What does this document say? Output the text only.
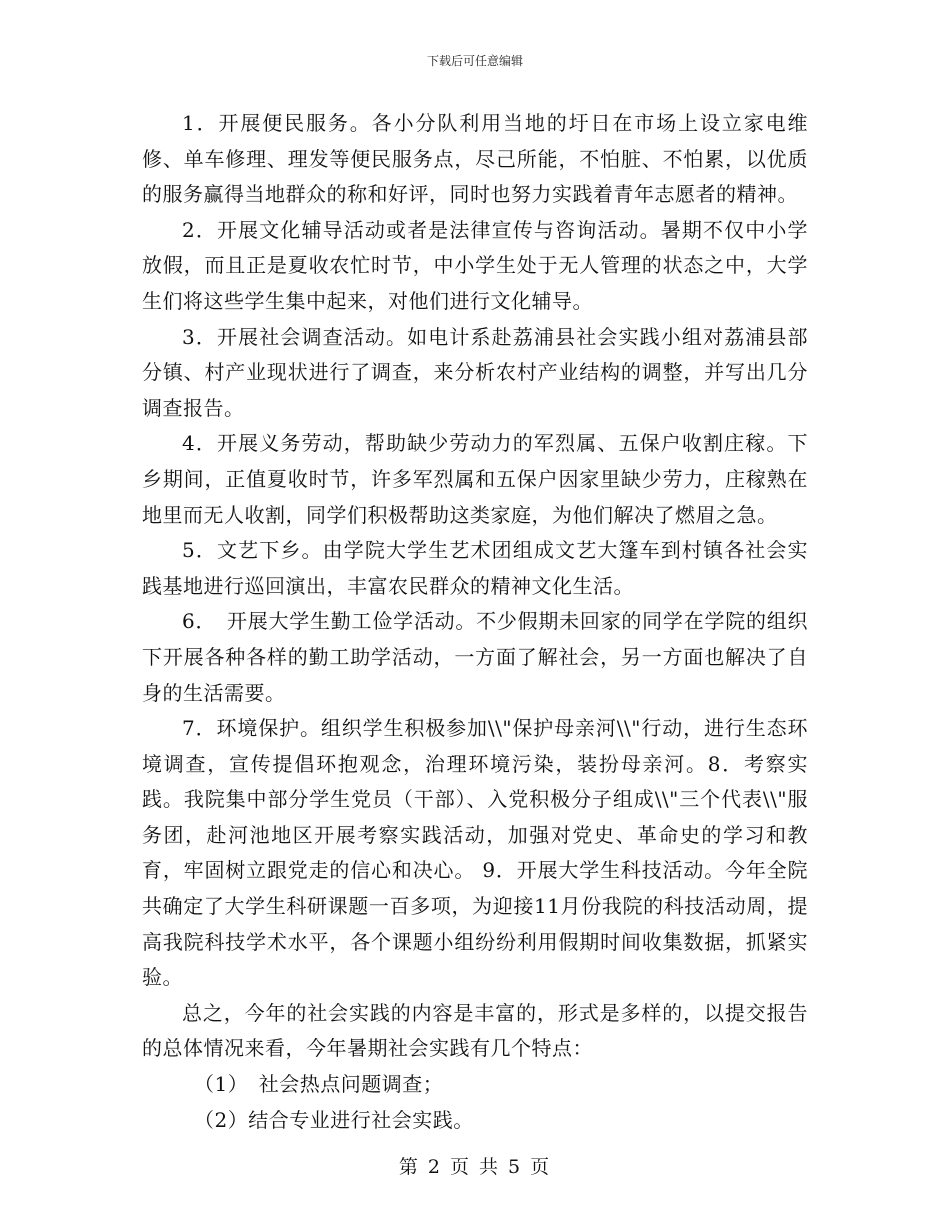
下载后可任意编辑

1．开展便民服务。各小分队利用当地的圩日在市场上设立家电维修、单车修理、理发等便民服务点，尽己所能，不怕脏、不怕累，以优质的服务赢得当地群众的称和好评，同时也努力实践着青年志愿者的精神。

2．开展文化辅导活动或者是法律宣传与咨询活动。暑期不仅中小学放假，而且正是夏收农忙时节，中小学生处于无人管理的状态之中，大学生们将这些学生集中起来，对他们进行文化辅导。

3．开展社会调查活动。如电计系赴荔浦县社会实践小组对荔浦县部分镇、村产业现状进行了调查，来分析农村产业结构的调整，并写出几分调查报告。

4．开展义务劳动，帮助缺少劳动力的军烈属、五保户收割庄稼。下乡期间，正值夏收时节，许多军烈属和五保户因家里缺少劳力，庄稼熟在地里而无人收割，同学们积极帮助这类家庭，为他们解决了燃眉之急。

5．文艺下乡。由学院大学生艺术团组成文艺大篷车到村镇各社会实践基地进行巡回演出，丰富农民群众的精神文化生活。

6．　开展大学生勤工俭学活动。不少假期未回家的同学在学院的组织下开展各种各样的勤工助学活动，一方面了解社会，另一方面也解决了自身的生活需要。

7．环境保护。组织学生积极参加\\"保护母亲河\\"行动，进行生态环境调查，宣传提倡环抱观念，治理环境污染，装扮母亲河。8．考察实践。我院集中部分学生党员（干部）、入党积极分子组成\\"三个代表\\"服务团，赴河池地区开展考察实践活动，加强对党史、革命史的学习和教育，牢固树立跟党走的信心和决心。 9．开展大学生科技活动。今年全院共确定了大学生科研课题一百多项，为迎接11月份我院的科技活动周，提高我院科技学术水平，各个课题小组纷纷利用假期时间收集数据，抓紧实验。

总之，今年的社会实践的内容是丰富的，形式是多样的，以提交报告的总体情况来看，今年暑期社会实践有几个特点：

（1）　社会热点问题调查；

（2）结合专业进行社会实践。

第 2 页 共 5 页
